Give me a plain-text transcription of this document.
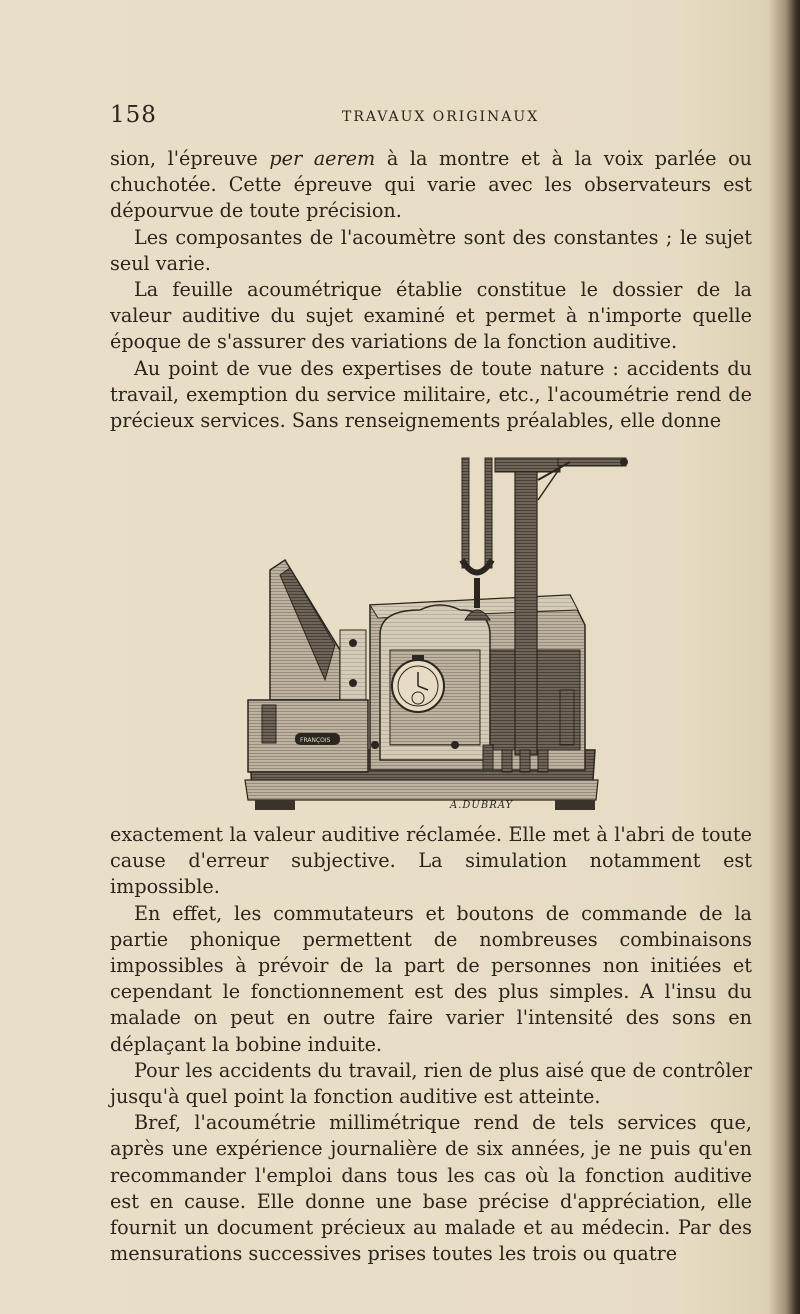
158	TRAVAUX ORIGINAUX

sion, l'épreuve per aerem à la montre et à la voix parlée ou chuchotée. Cette épreuve qui varie avec les observateurs est dépourvue de toute précision.

Les composantes de l'acoumètre sont des constantes ; le sujet seul varie.

La feuille acoumétrique établie constitue le dossier de la valeur auditive du sujet examiné et permet à n'importe quelle époque de s'assurer des variations de la fonction auditive.

Au point de vue des expertises de toute nature : accidents du travail, exemption du service militaire, etc., l'acoumétrie rend de précieux services. Sans renseignements préalables, elle donne

A.DUBRAY
FRANÇOIS

exactement la valeur auditive réclamée. Elle met à l'abri de toute cause d'erreur subjective. La simulation notamment est impossible.

En effet, les commutateurs et boutons de commande de la partie phonique permettent de nombreuses combinaisons impossibles à prévoir de la part de personnes non initiées et cependant le fonctionnement est des plus simples. A l'insu du malade on peut en outre faire varier l'intensité des sons en déplaçant la bobine induite.

Pour les accidents du travail, rien de plus aisé que de contrôler jusqu'à quel point la fonction auditive est atteinte.

Bref, l'acoumétrie millimétrique rend de tels services que, après une expérience journalière de six années, je ne puis qu'en recommander l'emploi dans tous les cas où la fonction auditive est en cause. Elle donne une base précise d'appréciation, elle fournit un document précieux au malade et au médecin. Par des mensurations successives prises toutes les trois ou quatre
